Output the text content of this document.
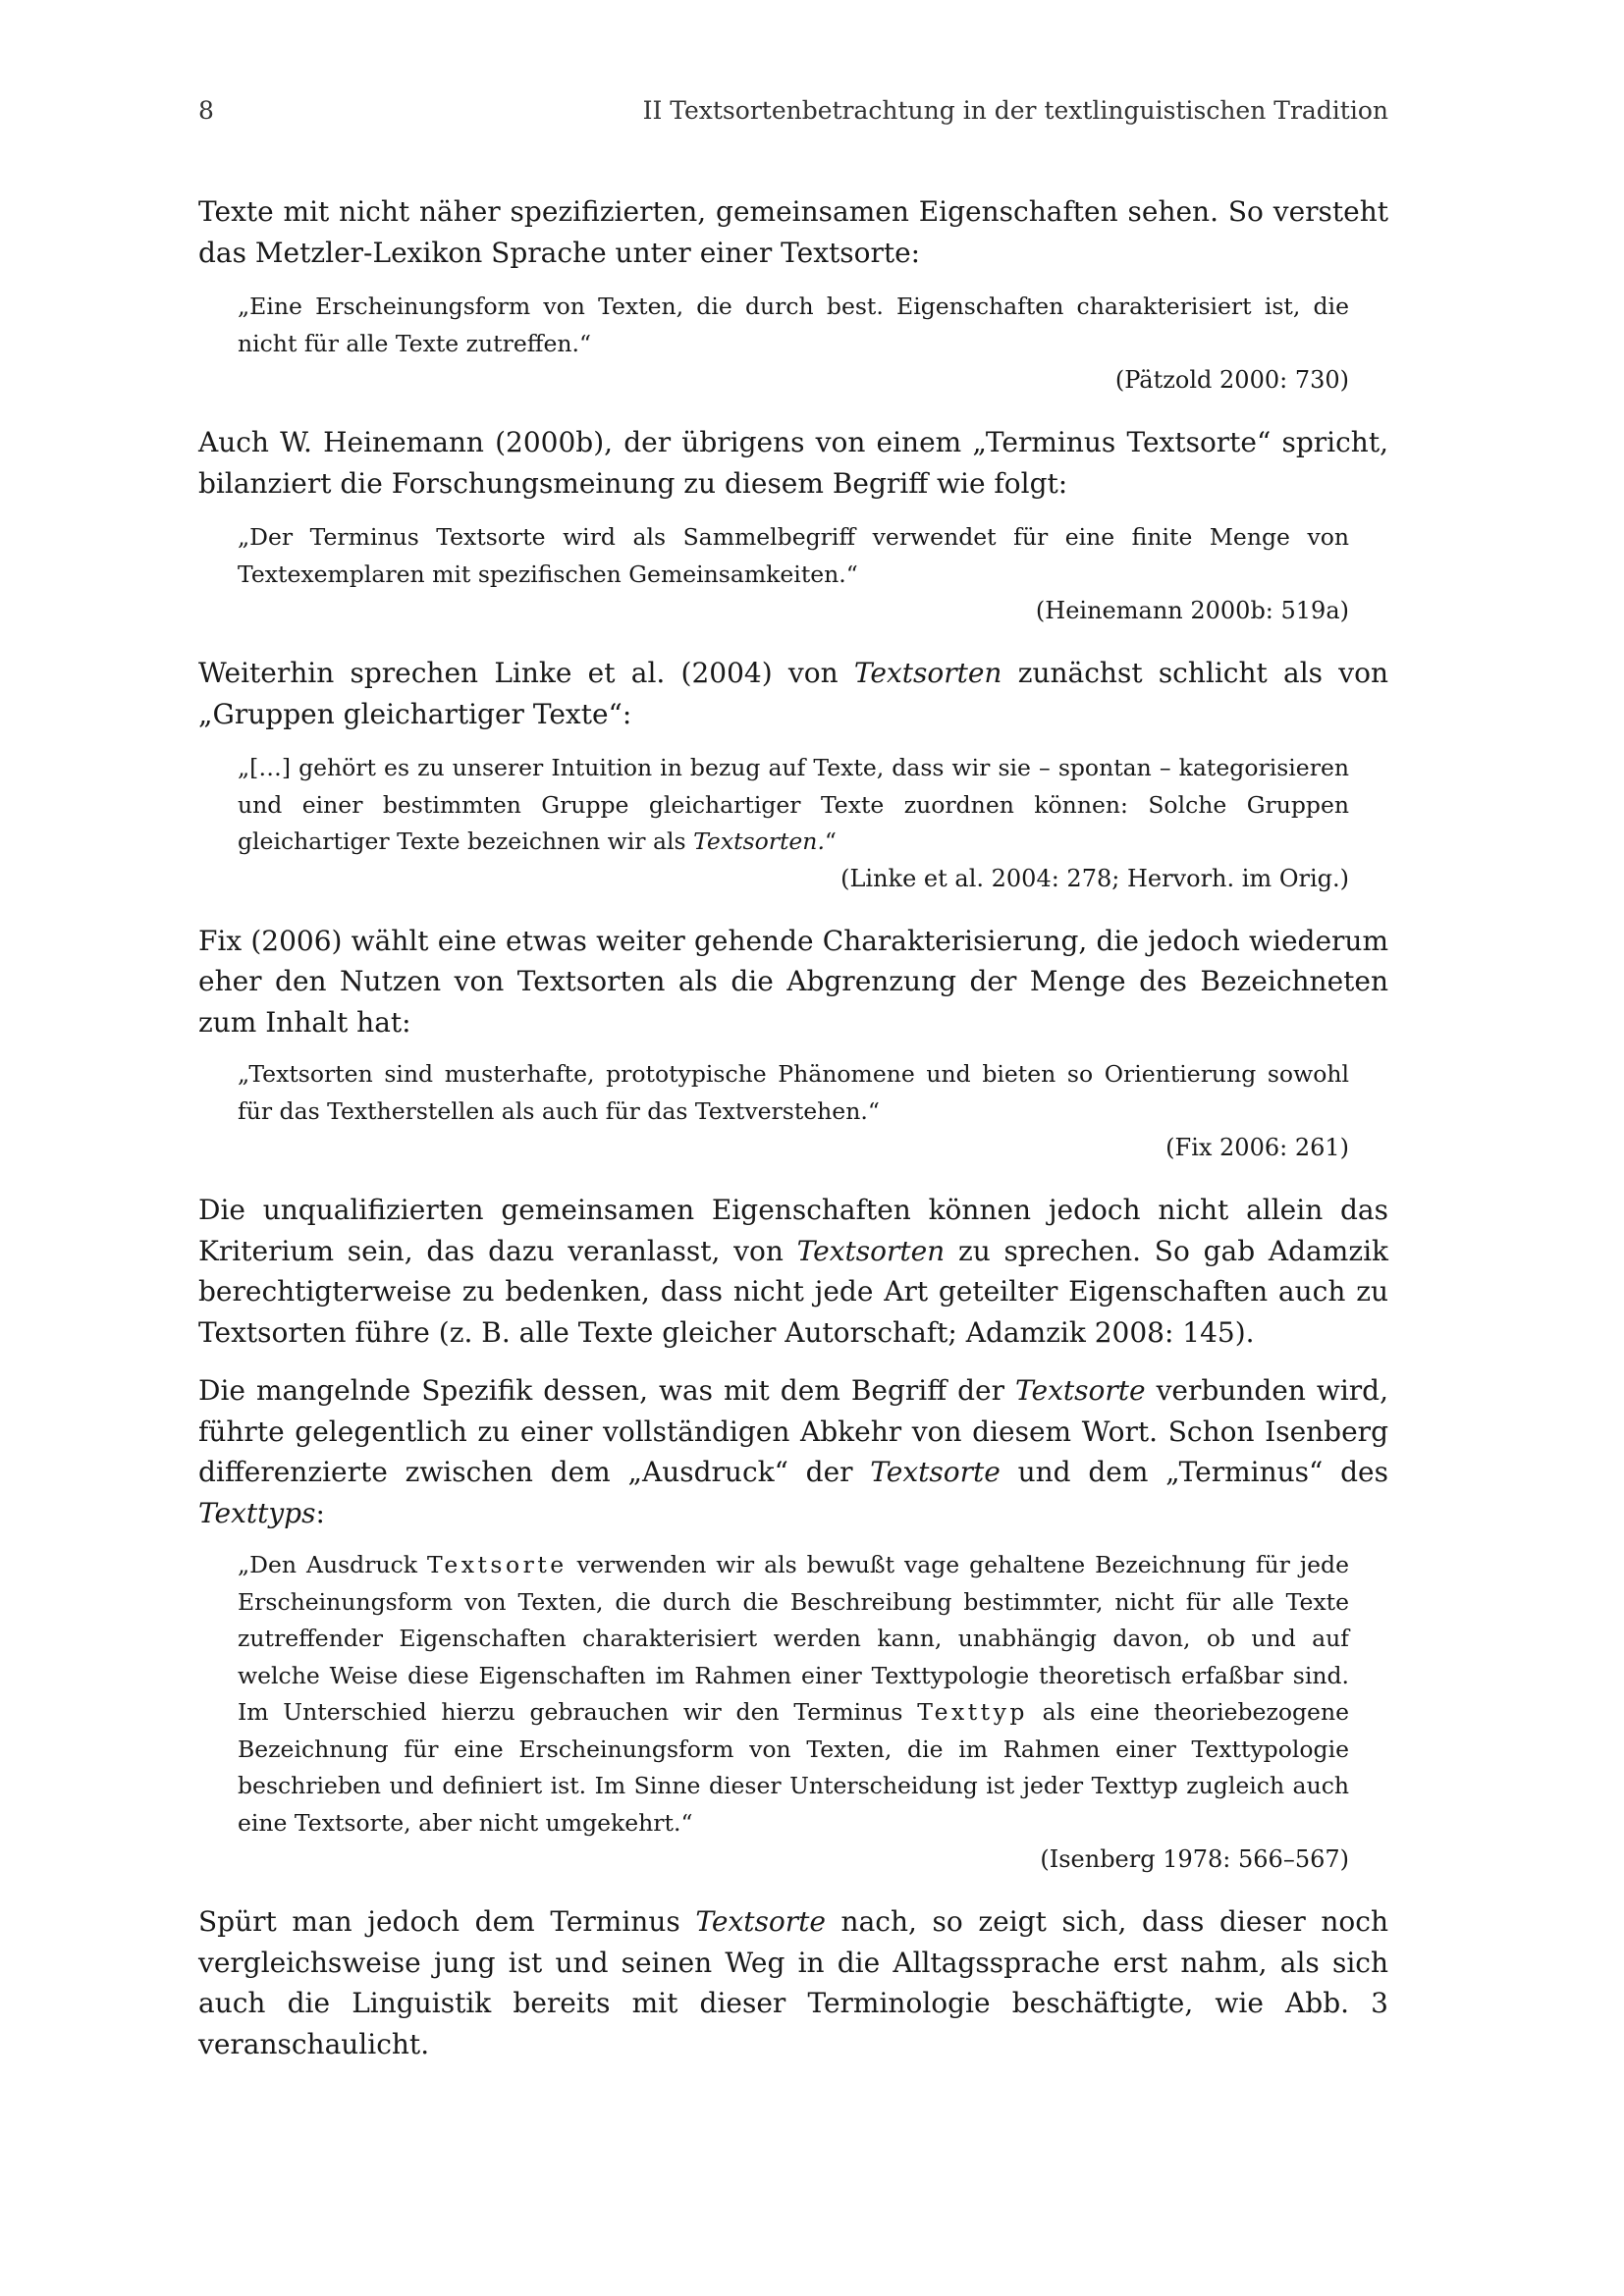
8	II Textsortenbetrachtung in der textlinguistischen Tradition

Texte mit nicht näher spezifizierten, gemeinsamen Eigenschaften sehen. So versteht das Metzler-Lexikon Sprache unter einer Textsorte:

„Eine Erscheinungsform von Texten, die durch best. Eigenschaften charakterisiert ist, die nicht für alle Texte zutreffen.“
(Pätzold 2000: 730)

Auch W. Heinemann (2000b), der übrigens von einem „Terminus Textsorte“ spricht, bilanziert die Forschungsmeinung zu diesem Begriff wie folgt:

„Der Terminus Textsorte wird als Sammelbegriff verwendet für eine finite Menge von Textexemplaren mit spezifischen Gemeinsamkeiten.“
(Heinemann 2000b: 519a)

Weiterhin sprechen Linke et al. (2004) von Textsorten zunächst schlicht als von „Gruppen gleichartiger Texte“:

„[…] gehört es zu unserer Intuition in bezug auf Texte, dass wir sie – spontan – kategorisieren und einer bestimmten Gruppe gleichartiger Texte zuordnen können: Solche Gruppen gleichartiger Texte bezeichnen wir als Textsorten.“
(Linke et al. 2004: 278; Hervorh. im Orig.)

Fix (2006) wählt eine etwas weiter gehende Charakterisierung, die jedoch wiederum eher den Nutzen von Textsorten als die Abgrenzung der Menge des Bezeichneten zum Inhalt hat:

„Textsorten sind musterhafte, prototypische Phänomene und bieten so Orientierung sowohl für das Textherstellen als auch für das Textverstehen.“
(Fix 2006: 261)

Die unqualifizierten gemeinsamen Eigenschaften können jedoch nicht allein das Kriterium sein, das dazu veranlasst, von Textsorten zu sprechen. So gab Adamzik berechtigterweise zu bedenken, dass nicht jede Art geteilter Eigenschaften auch zu Textsorten führe (z. B. alle Texte gleicher Autorschaft; Adamzik 2008: 145).

Die mangelnde Spezifik dessen, was mit dem Begriff der Textsorte verbunden wird, führte gelegentlich zu einer vollständigen Abkehr von diesem Wort. Schon Isenberg differenzierte zwischen dem „Ausdruck“ der Textsorte und dem „Terminus“ des Texttyps:

„Den Ausdruck Textsorte verwenden wir als bewußt vage gehaltene Bezeichnung für jede Erscheinungsform von Texten, die durch die Beschreibung bestimmter, nicht für alle Texte zutreffender Eigenschaften charakterisiert werden kann, unabhängig davon, ob und auf welche Weise diese Eigenschaften im Rahmen einer Texttypologie theoretisch erfaßbar sind. Im Unterschied hierzu gebrauchen wir den Terminus Texttyp als eine theoriebezogene Bezeichnung für eine Erscheinungsform von Texten, die im Rahmen einer Texttypologie beschrieben und definiert ist. Im Sinne dieser Unterscheidung ist jeder Texttyp zugleich auch eine Textsorte, aber nicht umgekehrt.“
(Isenberg 1978: 566–567)

Spürt man jedoch dem Terminus Textsorte nach, so zeigt sich, dass dieser noch vergleichsweise jung ist und seinen Weg in die Alltagssprache erst nahm, als sich auch die Linguistik bereits mit dieser Terminologie beschäftigte, wie Abb. 3 veranschaulicht.
